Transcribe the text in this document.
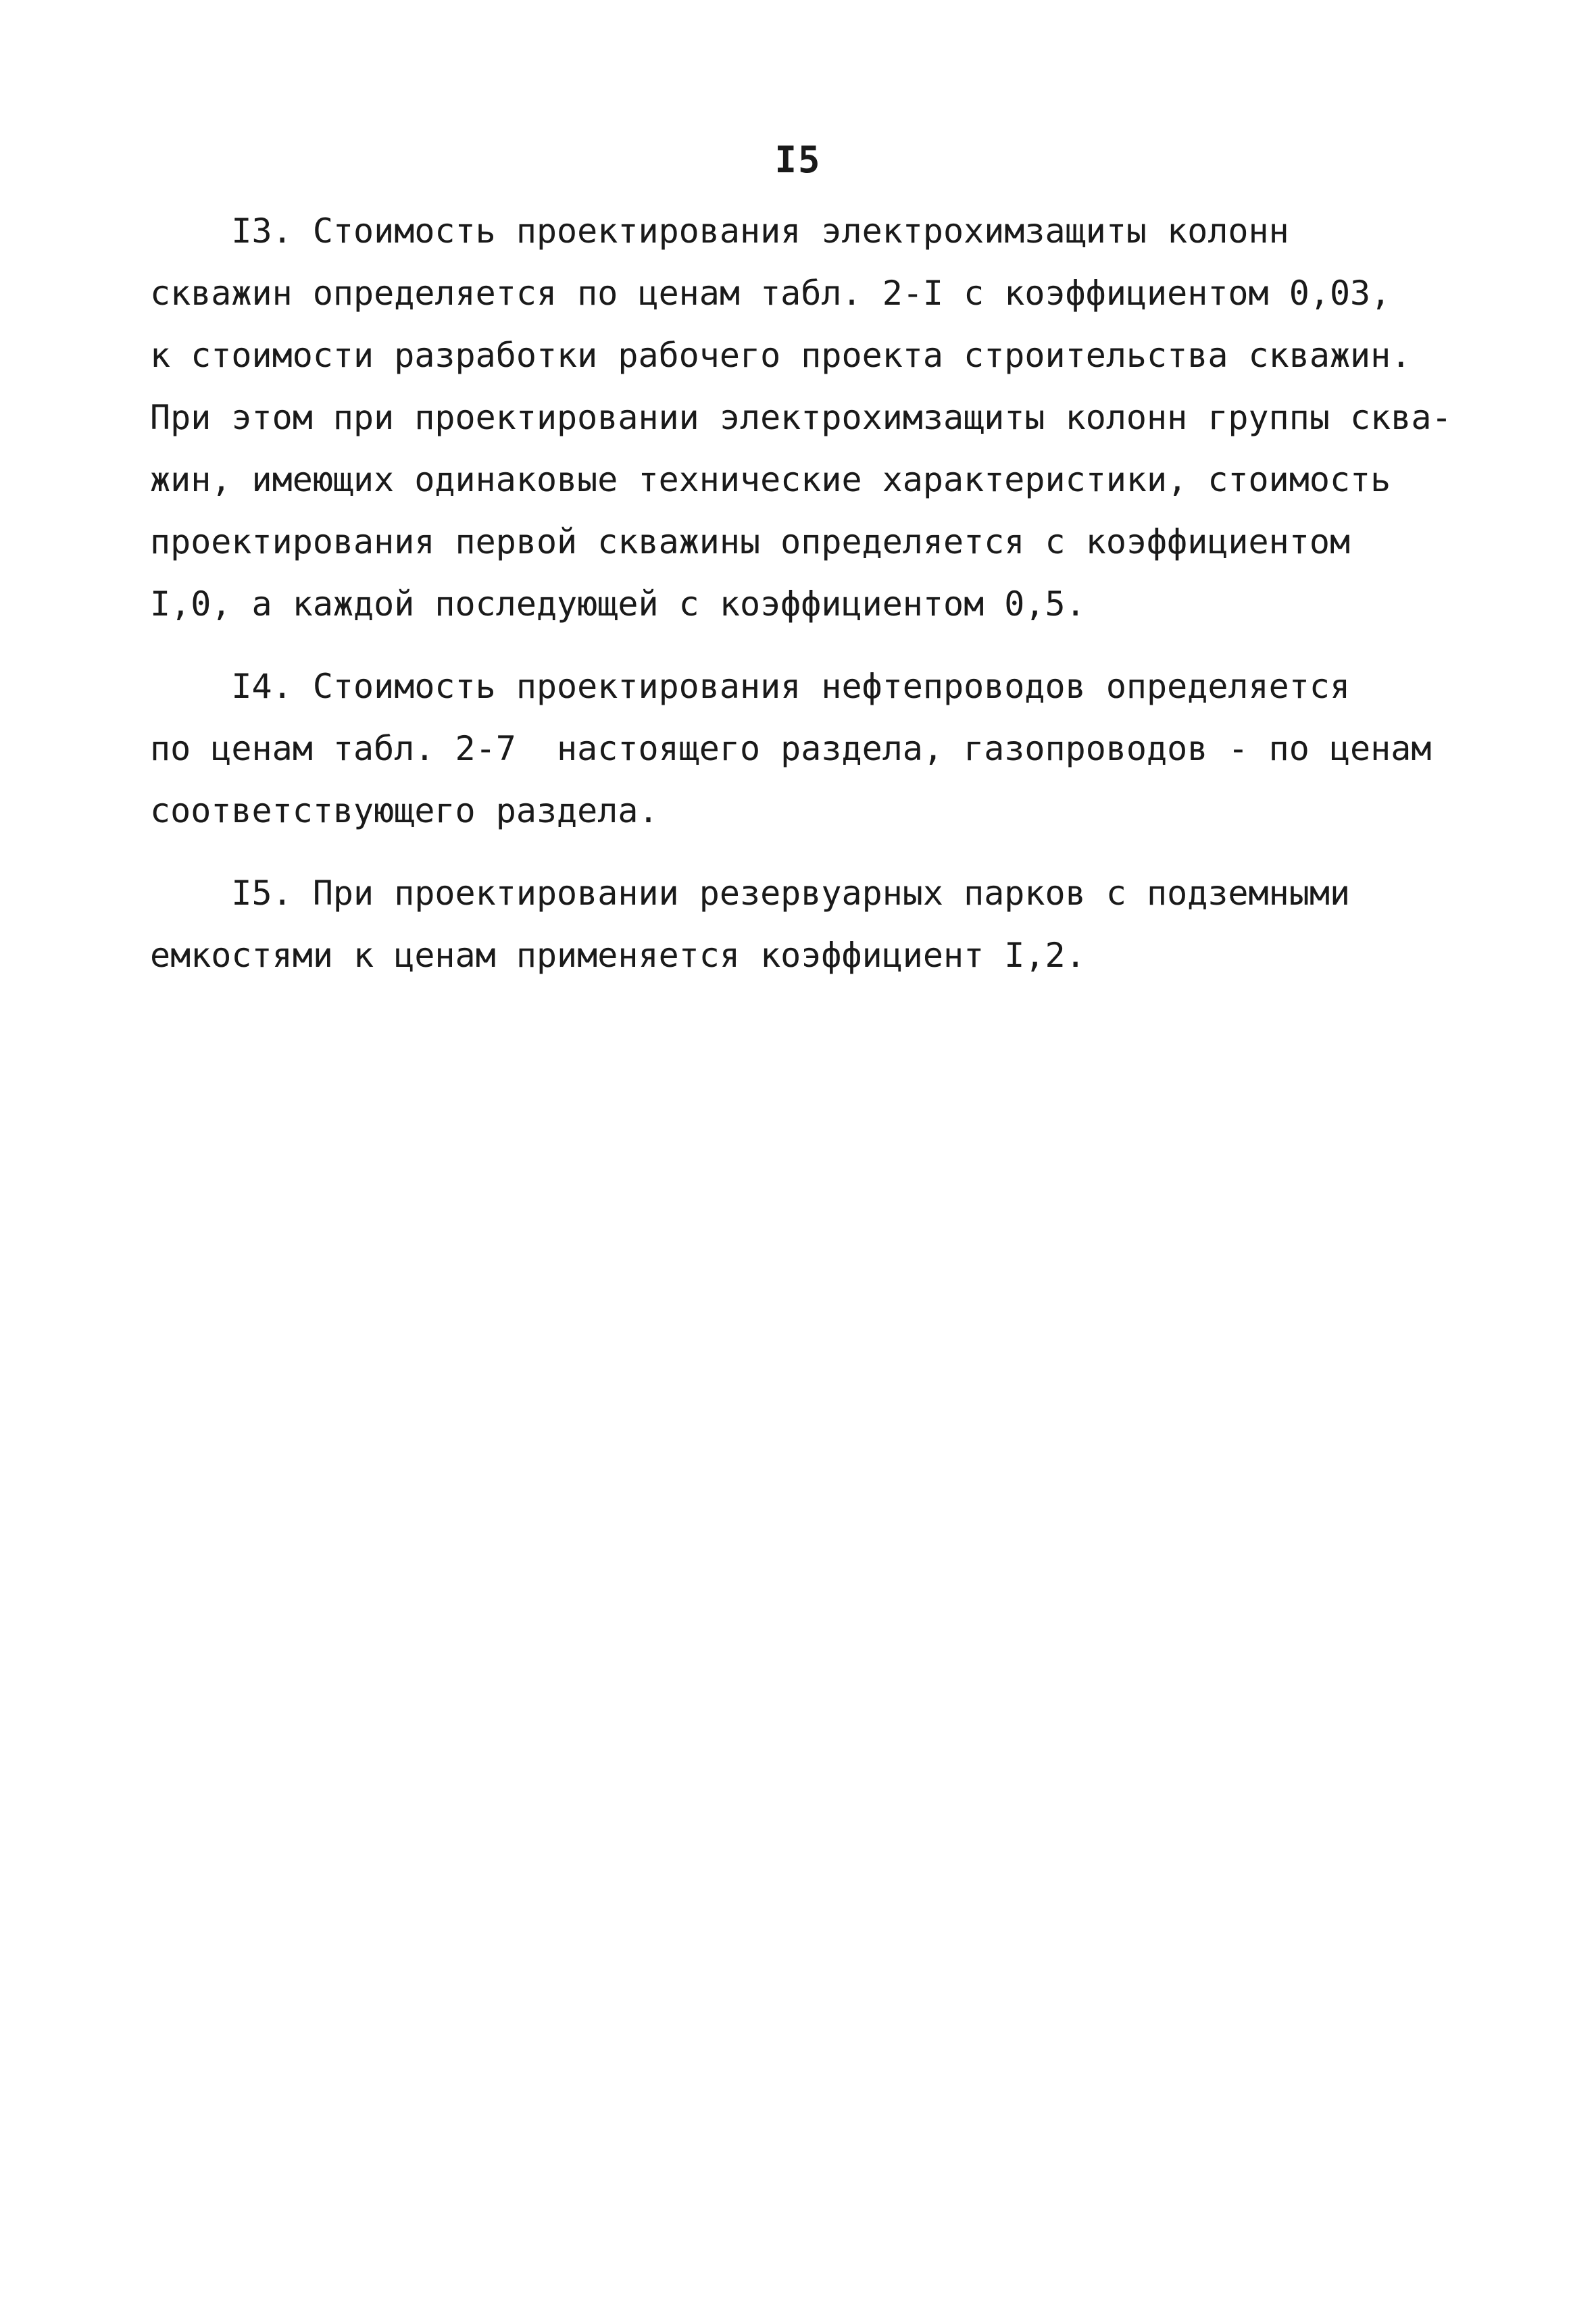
I5
I3. Стоимость проектирования электрохимзащиты колонн
скважин определяется по ценам табл. 2-I с коэффициентом 0,03,
к стоимости разработки рабочего проекта строительства скважин.
При этом при проектировании электрохимзащиты колонн группы сква-
жин, имеющих одинаковые технические характеристики, стоимость
проектирования первой скважины определяется с коэффициентом
I,0, а каждой последующей с коэффициентом 0,5.
I4. Стоимость проектирования нефтепроводов определяется
по ценам табл. 2-7  настоящего раздела, газопроводов - по ценам
соответствующего раздела.
I5. При проектировании резервуарных парков с подземными
емкостями к ценам применяется коэффициент I,2.
